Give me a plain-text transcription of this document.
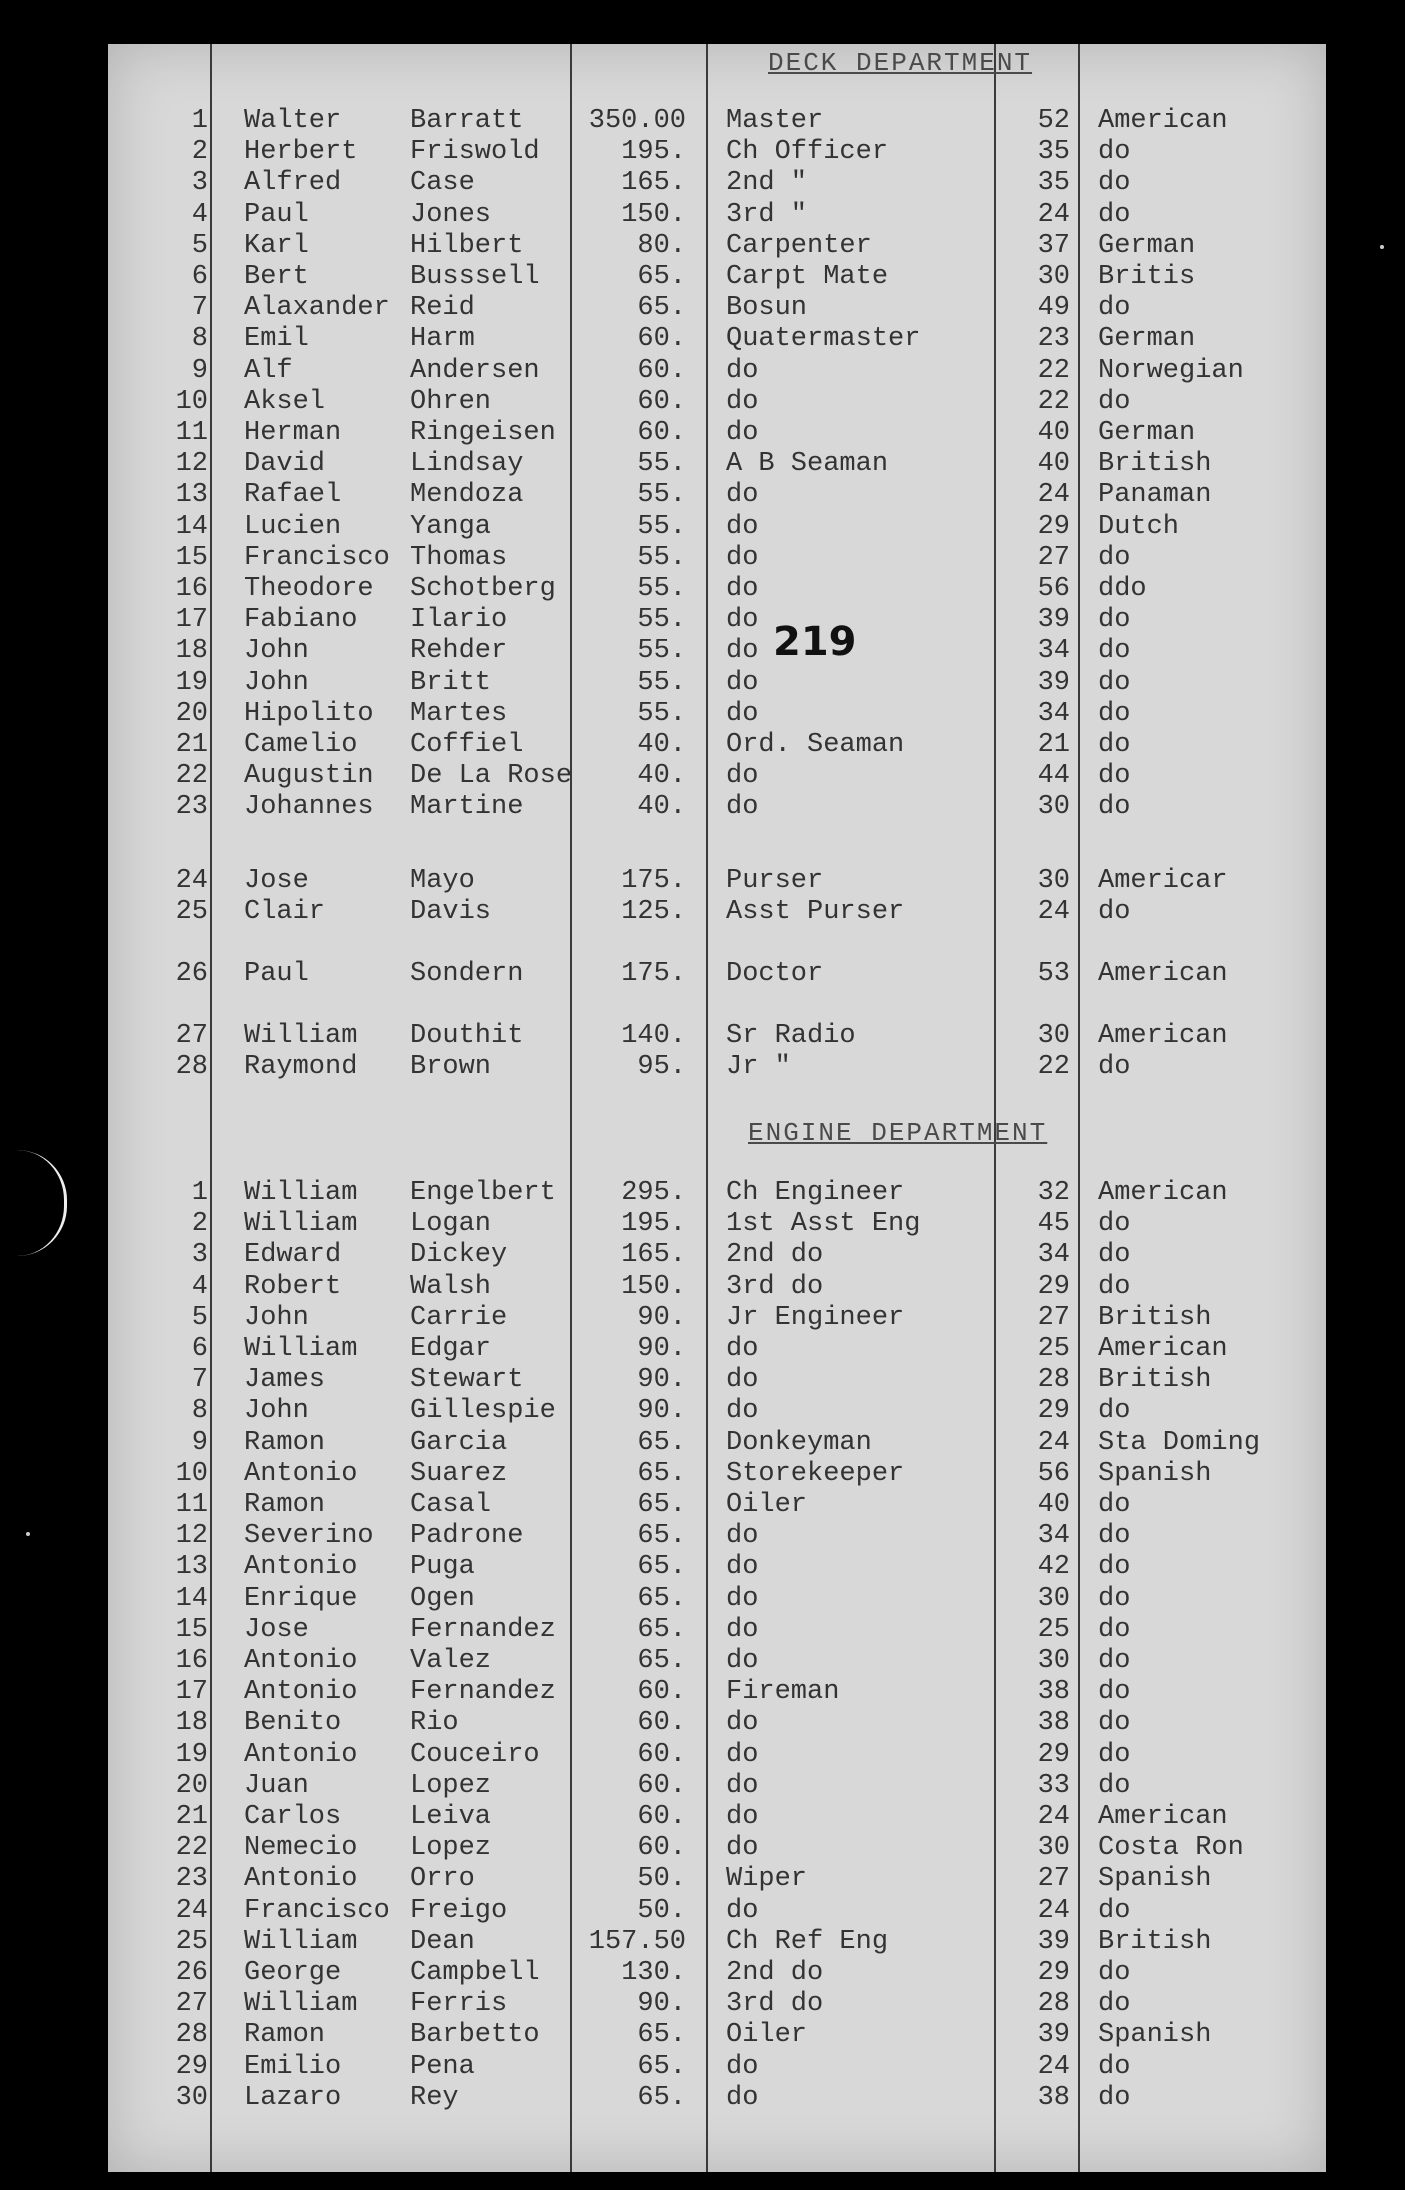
DECK DEPARTMENT
ENGINE DEPARTMENT
219
1 Walter	Barratt	350.00 Master	52 American
2 Herbert Friswold	195. Ch Officer	35 do
3 Alfred	Case	165. 2nd "	35 do
4 Paul	Jones	150. 3rd "	24 do
5 Karl	Hilbert	80. Carpenter	37 German
6 Bert	Busssell	65. Carpt Mate	30 Britis
7 Alaxander Reid	65. Bosun	49 do
8 Emil	Harm	60. Quatermaster	23 German
9 Alf	Andersen	60. do	22 Norwegian
10 Aksel	Ohren	60. do	22 do
11 Herman	Ringeisen	60. do	40 German
12 David	Lindsay	55. A B Seaman	40 British
13 Rafael	Mendoza	55. do	24 Panaman
14 Lucien	Yanga	55. do	29 Dutch
15 Francisco Thomas	55. do	27 do
16 Theodore Schotberg	55. do	56 ddo
17 Fabiano Ilario	55. do	39 do
18 John	Rehder	55. do	34 do
19 John	Britt	55. do	39 do
20 Hipolito Martes	55. do	34 do
21 Camelio Coffiel	40. Ord. Seaman	21 do
22 Augustin De La Rose	40. do	44 do
23 Johannes Martine	40. do	30 do
24 Jose	Mayo	175. Purser	30 Americar
25 Clair	Davis	125. Asst Purser	24 do
26 Paul	Sondern	175. Doctor	53 American
27 William Douthit	140. Sr Radio	30 American
28 Raymond Brown	95. Jr "	22 do
1 William Engelbert	295. Ch Engineer	32 American
2 William Logan	195. 1st Asst Eng	45 do
3 Edward	Dickey	165. 2nd do	34 do
4 Robert	Walsh	150. 3rd do	29 do
5 John	Carrie	90. Jr Engineer	27 British
6 William Edgar	90. do	25 American
7 James	Stewart	90. do	28 British
8 John	Gillespie	90. do	29 do
9 Ramon	Garcia	65. Donkeyman	24 Sta Doming
10 Antonio Suarez	65. Storekeeper	56 Spanish
11 Ramon	Casal	65. Oiler	40 do
12 Severino Padrone	65. do	34 do
13 Antonio Puga	65. do	42 do
14 Enrique Ogen	65. do	30 do
15 Jose	Fernandez	65. do	25 do
16 Antonio Valez	65. do	30 do
17 Antonio Fernandez	60. Fireman	38 do
18 Benito	Rio	60. do	38 do
19 Antonio Couceiro	60. do	29 do
20 Juan	Lopez	60. do	33 do
21 Carlos	Leiva	60. do	24 American
22 Nemecio Lopez	60. do	30 Costa Ron
23 Antonio Orro	50. Wiper	27 Spanish
24 Francisco Freigo	50. do	24 do
25 William Dean	157.50 Ch Ref Eng	39 British
26 George	Campbell	130. 2nd do	29 do
27 William Ferris	90. 3rd do	28 do
28 Ramon	Barbetto	65. Oiler	39 Spanish
29 Emilio	Pena	65. do	24 do
30 Lazaro	Rey	65. do	38 do
